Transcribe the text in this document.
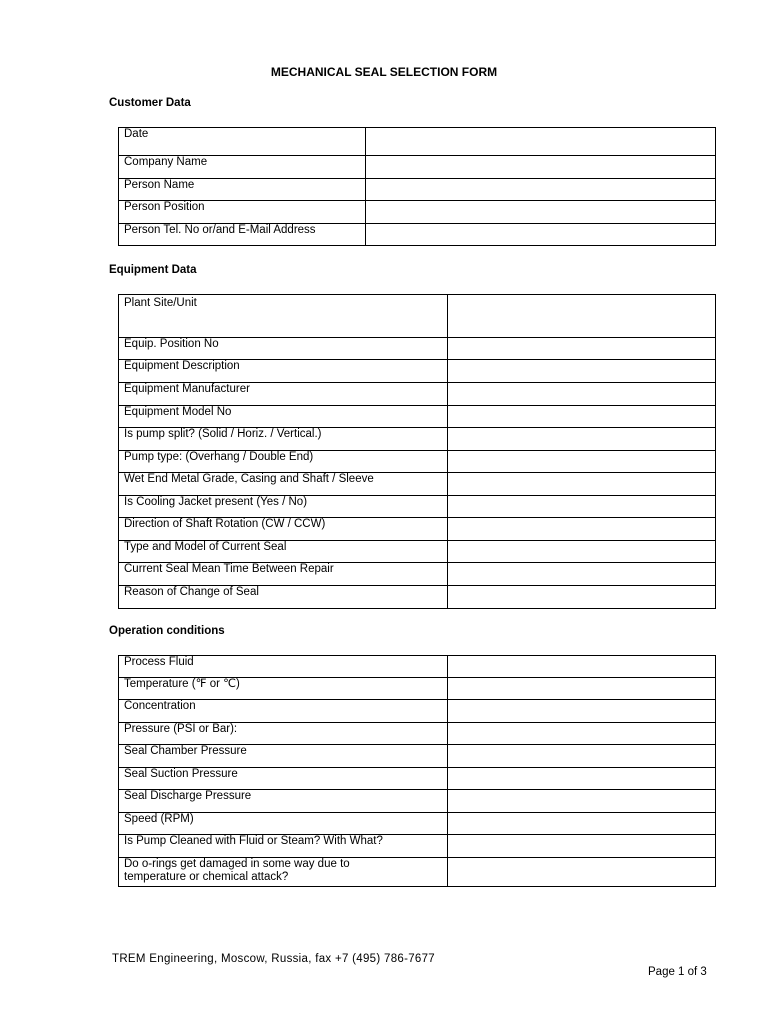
MECHANICAL SEAL SELECTION FORM
Customer Data
Date	
Company Name	
Person Name	
Person Position	
Person Tel. No or/and E-Mail Address	
Equipment Data
Plant Site/Unit	
Equip. Position No	
Equipment Description	
Equipment Manufacturer	
Equipment Model No	
Is pump split? (Solid / Horiz. / Vertical.)	
Pump type: (Overhang / Double End)	
Wet End Metal Grade, Casing and Shaft / Sleeve	
Is Cooling Jacket present (Yes / No)	
Direction of Shaft Rotation (CW / CCW)	
Type and Model of Current Seal	
Current Seal Mean Time Between Repair	
Reason of Change of Seal	
Operation conditions
Process Fluid	
Temperature (℉ or ℃)	
Concentration	
Pressure (PSI or Bar):	
Seal Chamber Pressure	
Seal Suction Pressure	
Seal Discharge Pressure	
Speed (RPM)	
Is Pump Cleaned with Fluid or Steam? With What?	
Do o-rings get damaged in some way due to
temperature or chemical attack?	
TREM Engineering, Moscow, Russia, fax +7 (495) 786-7677
Page 1 of 3
